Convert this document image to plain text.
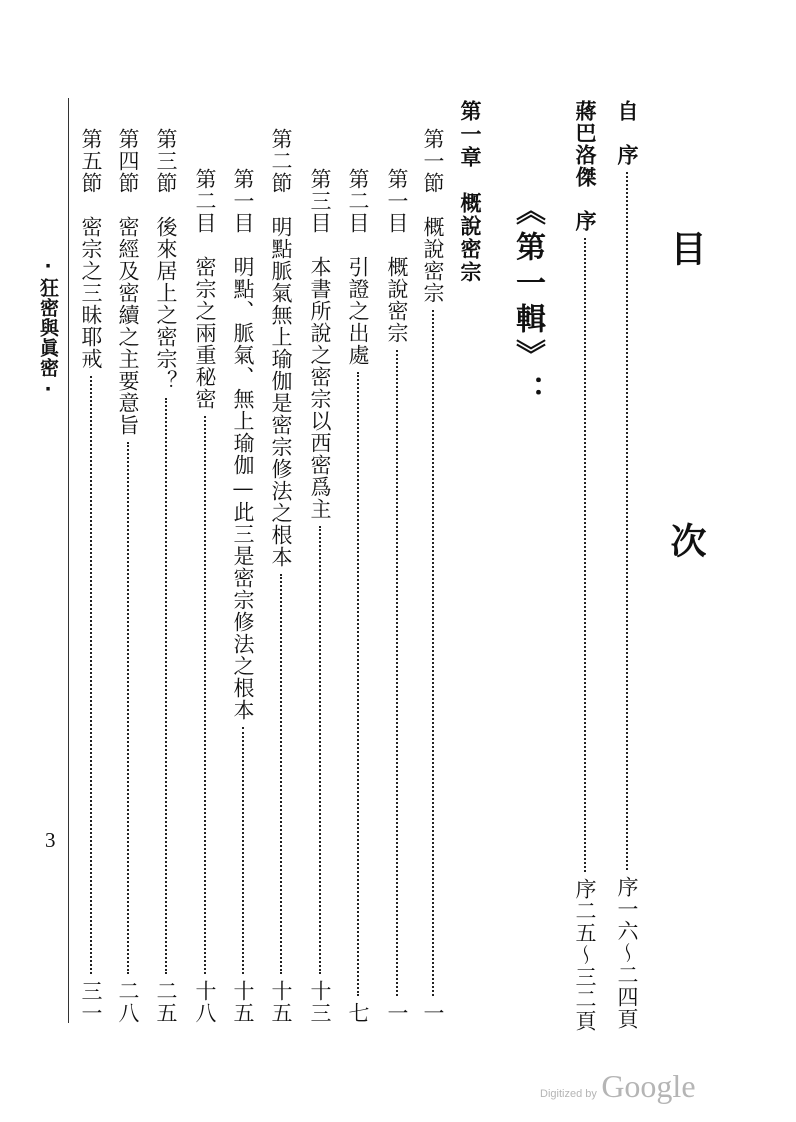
目　次
自　序
序一六～二四頁
蔣巴洛傑　序
序二五～三二頁
《第一輯》：
第一章　概說密宗
第一節　概說密宗
一
第一目　概說密宗
一
第二目　引證之出處
七
第三目　本書所說之密宗以西密爲主
十三
第二節　明點脈氣無上瑜伽是密宗修法之根本
十五
第一目　明點、脈氣、無上瑜伽—此三是密宗修法之根本
十五
第二目　密宗之兩重秘密
十八
第三節　後來居上之密宗？
二五
第四節　密經及密續之主要意旨
二八
第五節　密宗之三昧耶戒
三一
‧狂密與眞密‧
3
Digitized by Google
